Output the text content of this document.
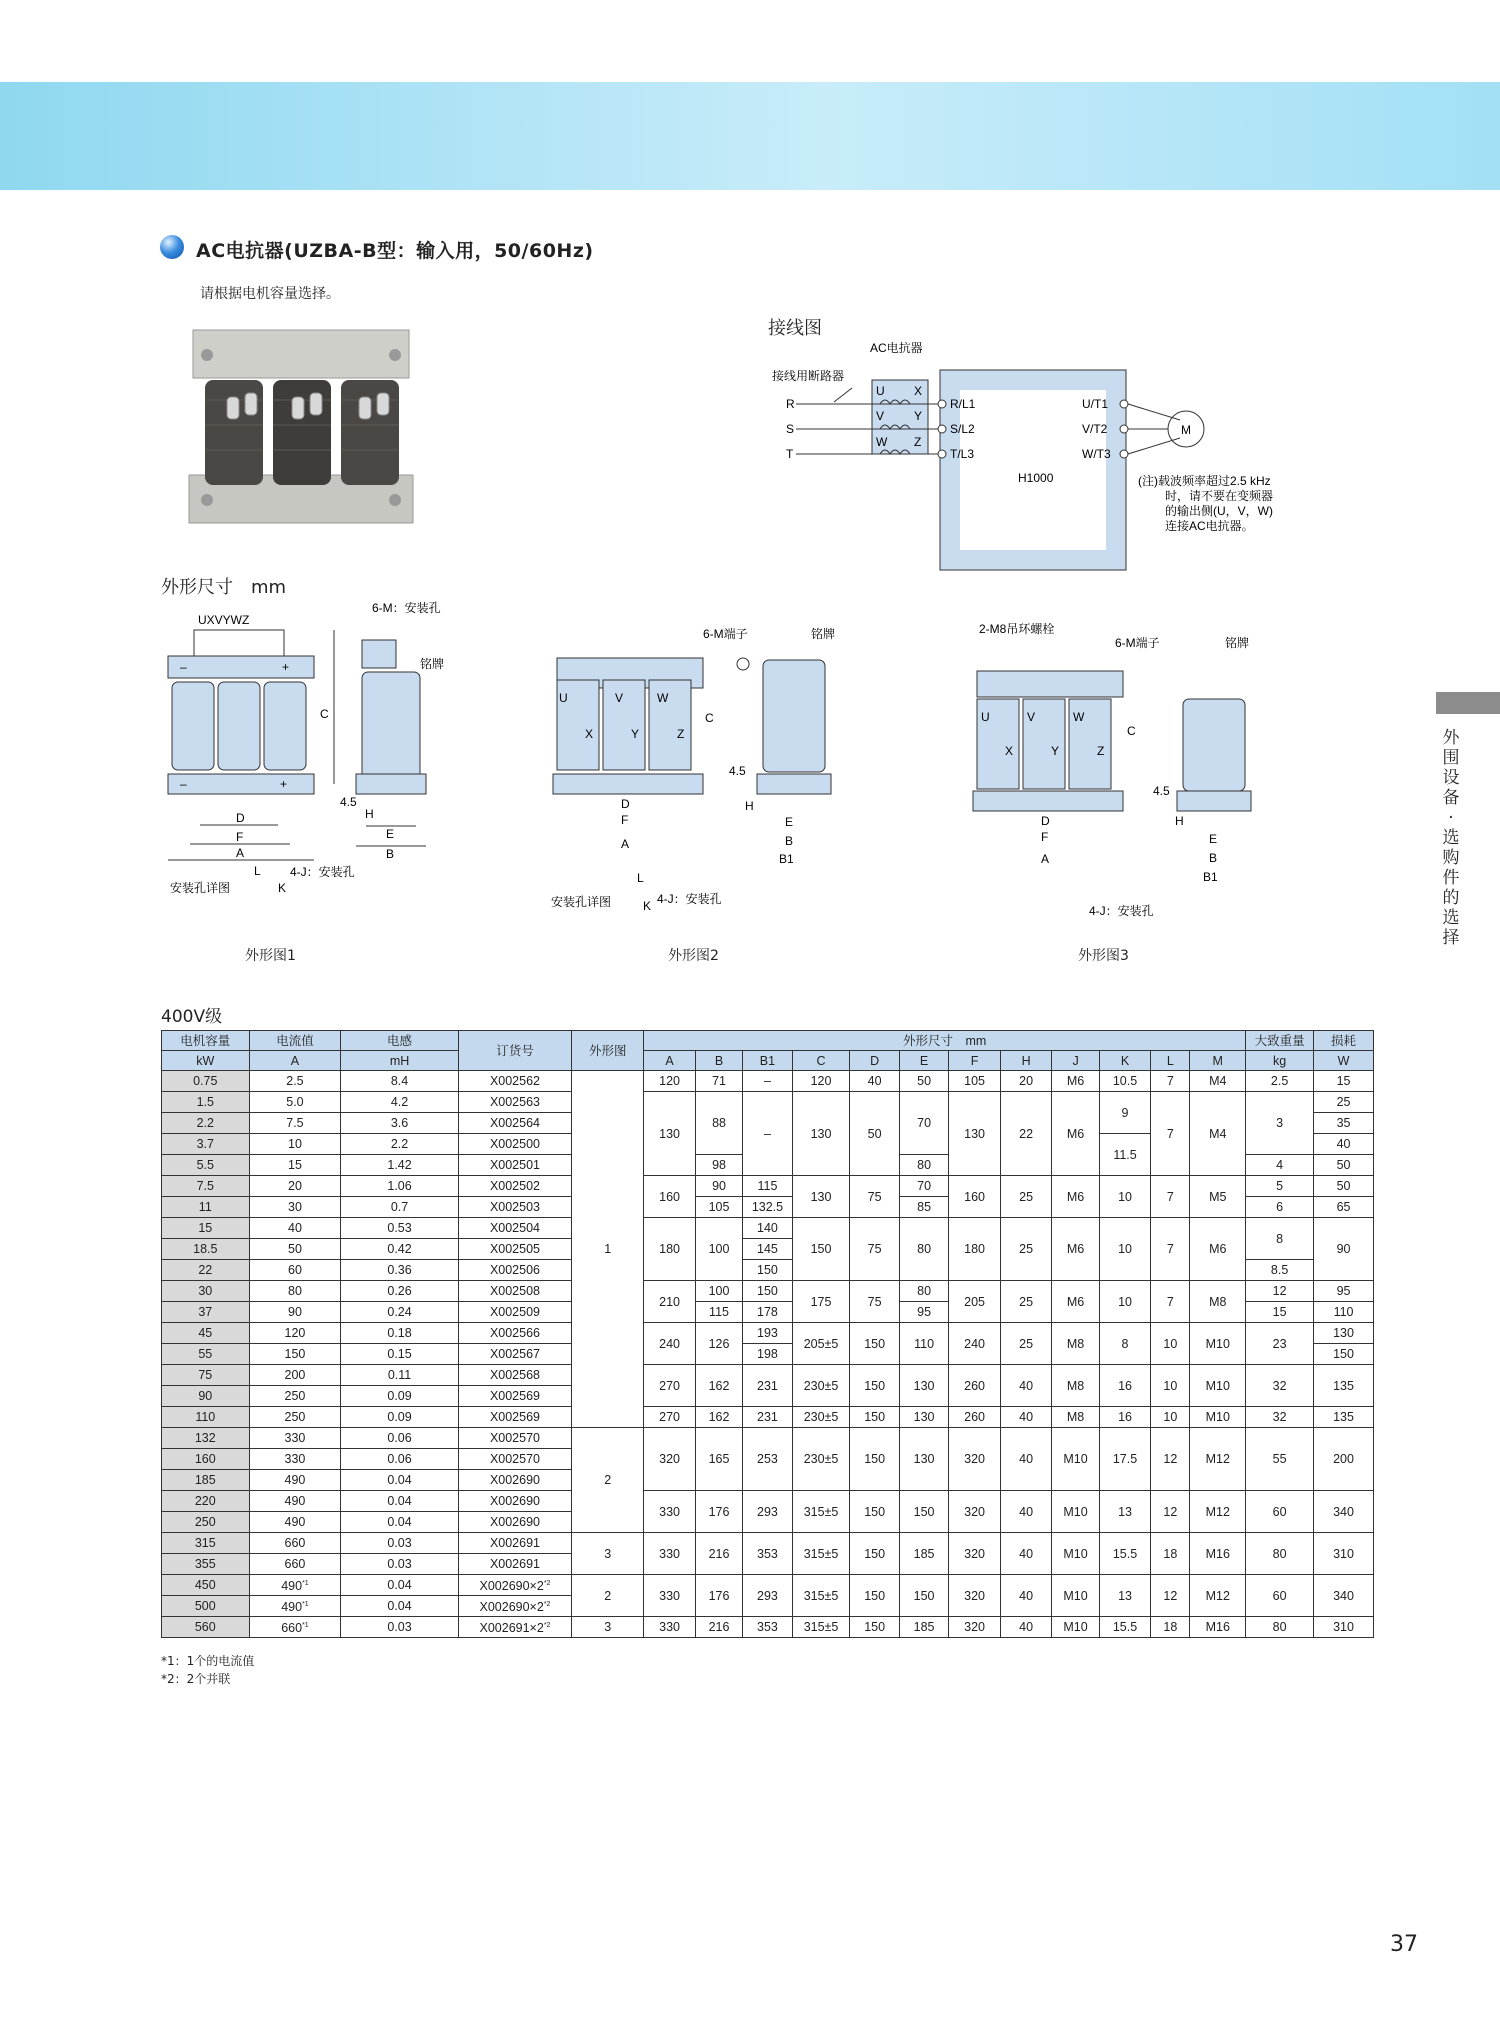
AC电抗器(UZBA-B型：输入用，50/60Hz)
请根据电机容量选择。
接线图
AC电抗器
接线用断路器
U X
V Y
W Z
R
S
T
R/L1
S/L2
T/L3
U/T1
V/T2
W/T3
H1000
M
(注)载波频率超过2.5 kHz
时，请不要在变频器
的输出侧(U，V，W)
连接AC电抗器。
外形尺寸　mm
UXVYWZ
6-M：安装孔
铭牌
–	+
–	+
C
4.5
D
F
A
H
E
B
4-J：安装孔
安装孔详图
L
K
外形图1
6-M端子	铭牌
U	V	W
X	Y	Z
C
4.5
D
F
A
H
E
B
B1
安装孔详图	4-J：安装孔
L
K
外形图2
2-M8吊环螺栓
6-M端子	铭牌
U	V	W
X	Y	Z
C
4.5
D
F
A
H
E
B
B1
4-J：安装孔
外形图3
外围设备·选购件的选择
400V级
电机容量	电流值	电感	订货号	外形图	外形尺寸　mm												大致重量	损耗
kW	A	mH			A	B	B1	C	D	E	F	H	J	K	L	M	kg	W
0.75	2.5	8.4	X002562	1	120	71	–	120	40	50	105	20	M6	10.5	7	M4	2.5	15
1.5	5.0	4.2	X002563		130	88	–	130	50	70	130	22	M6	9	7	M4	3	25
2.2	7.5	3.6	X002564															35
3.7	10	2.2	X002500											11.5				40
5.5	15	1.42	X002501			98				80							4	50
7.5	20	1.06	X002502		160	90	115	130	75	70	160	25	M6	10	7	M5	5	50
11	30	0.7	X002503			105	132.5			85							6	65
15	40	0.53	X002504		180	100	140	150	75	80	180	25	M6	10	7	M6	8	90
18.5	50	0.42	X002505				145											
22	60	0.36	X002506				150										8.5	
30	80	0.26	X002508		210	100	150	175	75	80	205	25	M6	10	7	M8	12	95
37	90	0.24	X002509			115	178			95							15	110
45	120	0.18	X002566		240	126	193	205±5	150	110	240	25	M8	8	10	M10	23	130
55	150	0.15	X002567				198											150
75	200	0.11	X002568		270	162	231	230±5	150	130	260	40	M8	16	10	M10	32	135
90	250	0.09	X002569															
110	250	0.09	X002569		270	162	231	230±5	150	130	260	40	M8	16	10	M10	32	135
132	330	0.06	X002570	2	320	165	253	230±5	150	130	320	40	M10	17.5	12	M12	55	200
160	330	0.06	X002570															
185	490	0.04	X002690															
220	490	0.04	X002690		330	176	293	315±5	150	150	320	40	M10	13	12	M12	60	340
250	490	0.04	X002690															
315	660	0.03	X002691	3	330	216	353	315±5	150	185	320	40	M10	15.5	18	M16	80	310
355	660	0.03	X002691															
450	490$^{*1}$	0.04	$X002690\times 2^{*2}$	2	330	176	293	315±5	150	150	320	40	M10	13	12	M12	60	340
500	490$^{*1}$	0.04	$X002690\times 2^{*2}$
560	660$^{*1}$	0.03	$X002691\times 2^{*2}$	3	330	216	353	315±5	150	185	320	40	M10	15.5	18	M16	80	310
*1：1个的电流值
*2：2个并联
37
